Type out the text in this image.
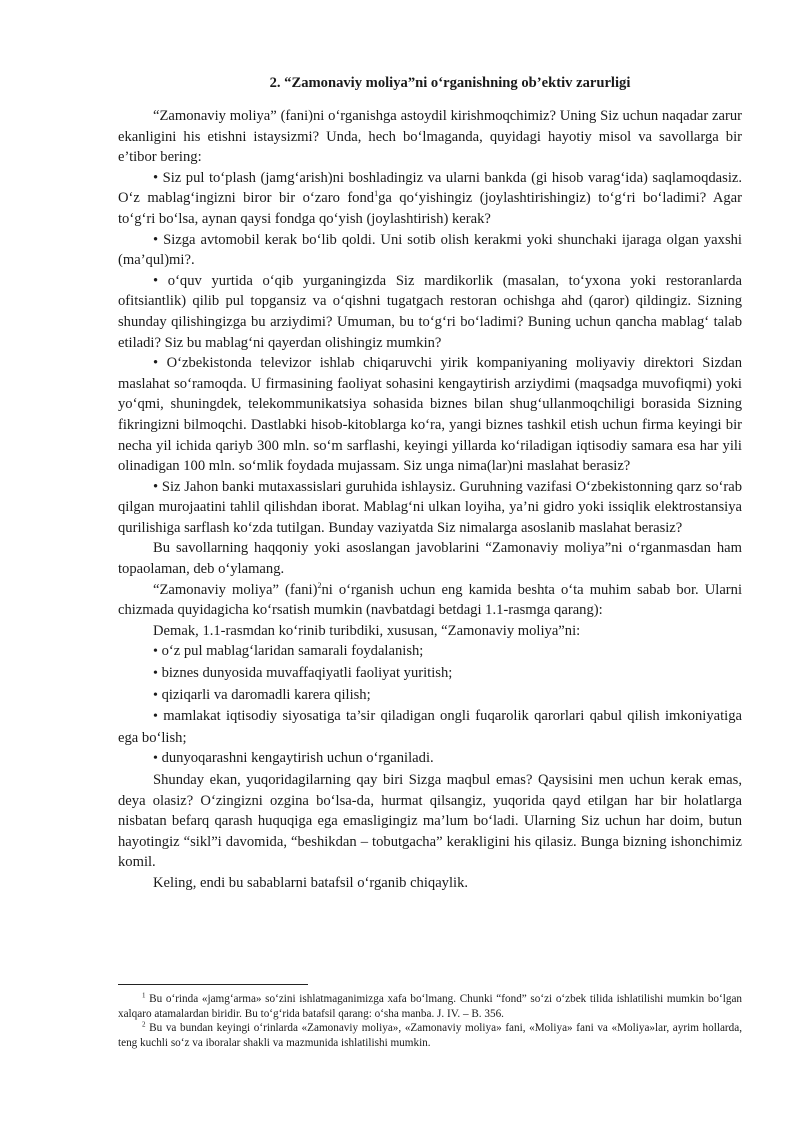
2. “Zamonaviy moliya”ni o‘rganishning ob’ektiv zarurligi

“Zamonaviy moliya” (fani)ni o‘rganishga astoydil kirishmoqchimiz? Uning Siz uchun naqadar zarur ekanligini his etishni istaysizmi? Unda, hech bo‘lmaganda, quyidagi hayotiy misol va savollarga bir e’tibor bering:

• Siz pul to‘plash (jamg‘arish)ni boshladingiz va ularni bankda (gi hisob varag‘ida) saqlamoqdasiz. O‘z mablag‘ingizni biror bir o‘zaro fond$^1$ga qo‘yishingiz (joylashtirishingiz) to‘g‘ri bo‘ladimi? Agar to‘g‘ri bo‘lsa, aynan qaysi fondga qo‘yish (joylashtirish) kerak?

• Sizga avtomobil kerak bo‘lib qoldi. Uni sotib olish kerakmi yoki shunchaki ijaraga olgan yaxshi (ma’qul)mi?.

• o‘quv yurtida o‘qib yurganingizda Siz mardikorlik (masalan, to‘yxona yoki restoranlarda ofitsiantlik) qilib pul topgansiz va o‘qishni tugatgach restoran ochishga ahd (qaror) qildingiz. Sizning shunday qilishingizga bu arziydimi? Umuman, bu to‘g‘ri bo‘ladimi? Buning uchun qancha mablag‘ talab etiladi? Siz bu mablag‘ni qayerdan olishingiz mumkin?

• O‘zbekistonda televizor ishlab chiqaruvchi yirik kompaniyaning moliyaviy direktori Sizdan maslahat so‘ramoqda. U firmasining faoliyat sohasini kengaytirish arziydimi (maqsadga muvofiqmi) yoki yo‘qmi, shuningdek, telekommunikatsiya sohasida biznes bilan shug‘ullanmoqchiligi borasida Sizning fikringizni bilmoqchi. Dastlabki hisob-kitoblarga ko‘ra, yangi biznes tashkil etish uchun firma keyingi bir necha yil ichida qariyb 300 mln. so‘m sarflashi, keyingi yillarda ko‘riladigan iqtisodiy samara esa har yili olinadigan 100 mln. so‘mlik foydada mujassam. Siz unga nima(lar)ni maslahat berasiz?

• Siz Jahon banki mutaxassislari guruhida ishlaysiz. Guruhning vazifasi O‘zbekistonning qarz so‘rab qilgan murojaatini tahlil qilishdan iborat. Mablag‘ni ulkan loyiha, ya’ni gidro yoki issiqlik elektrostansiya qurilishiga sarflash ko‘zda tutilgan. Bunday vaziyatda Siz nimalarga asoslanib maslahat berasiz?

Bu savollarning haqqoniy yoki asoslangan javoblarini “Zamonaviy moliya”ni o‘rganmasdan ham topaolaman, deb o‘ylamang.

“Zamonaviy moliya” (fani)$^2$ni o‘rganish uchun eng kamida beshta o‘ta muhim sabab bor. Ularni chizmada quyidagicha ko‘rsatish mumkin (navbatdagi betdagi 1.1-rasmga qarang):

Demak, 1.1-rasmdan ko‘rinib turibdiki, xususan, “Zamonaviy moliya”ni:

• o‘z pul mablag‘laridan samarali foydalanish;

• biznes dunyosida muvaffaqiyatli faoliyat yuritish;

• qiziqarli va daromadli karera qilish;

• mamlakat iqtisodiy siyosatiga ta’sir qiladigan ongli fuqarolik qarorlari qabul qilish imkoniyatiga ega bo‘lish;

• dunyoqarashni kengaytirish uchun o‘rganiladi.

Shunday ekan, yuqoridagilarning qay biri Sizga maqbul emas? Qaysisini men uchun kerak emas, deya olasiz? O‘zingizni ozgina bo‘lsa-da, hurmat qilsangiz, yuqorida qayd etilgan har bir holatlarga nisbatan befarq qarash huquqiga ega emasligingiz ma’lum bo‘ladi. Ularning Siz uchun har doim, butun hayotingiz “sikl”i davomida, “beshikdan – tobutgacha” kerakligini his qilasiz. Bunga bizning ishonchimiz komil.

Keling, endi bu sabablarni batafsil o‘rganib chiqaylik.

$^1$ Bu o‘rinda «jamg‘arma» so‘zini ishlatmaganimizga xafa bo‘lmang. Chunki “fond” so‘zi o‘zbek tilida ishlatilishi mumkin bo‘lgan xalqaro atamalardan biridir. Bu to‘g‘rida batafsil qarang: o‘sha manba. J. IV. – B. 356.

$^2$ Bu va bundan keyingi o‘rinlarda «Zamonaviy moliya», «Zamonaviy moliya» fani, «Moliya» fani va «Moliya»lar, ayrim hollarda, teng kuchli so‘z va iboralar shakli va mazmunida ishlatilishi mumkin.
